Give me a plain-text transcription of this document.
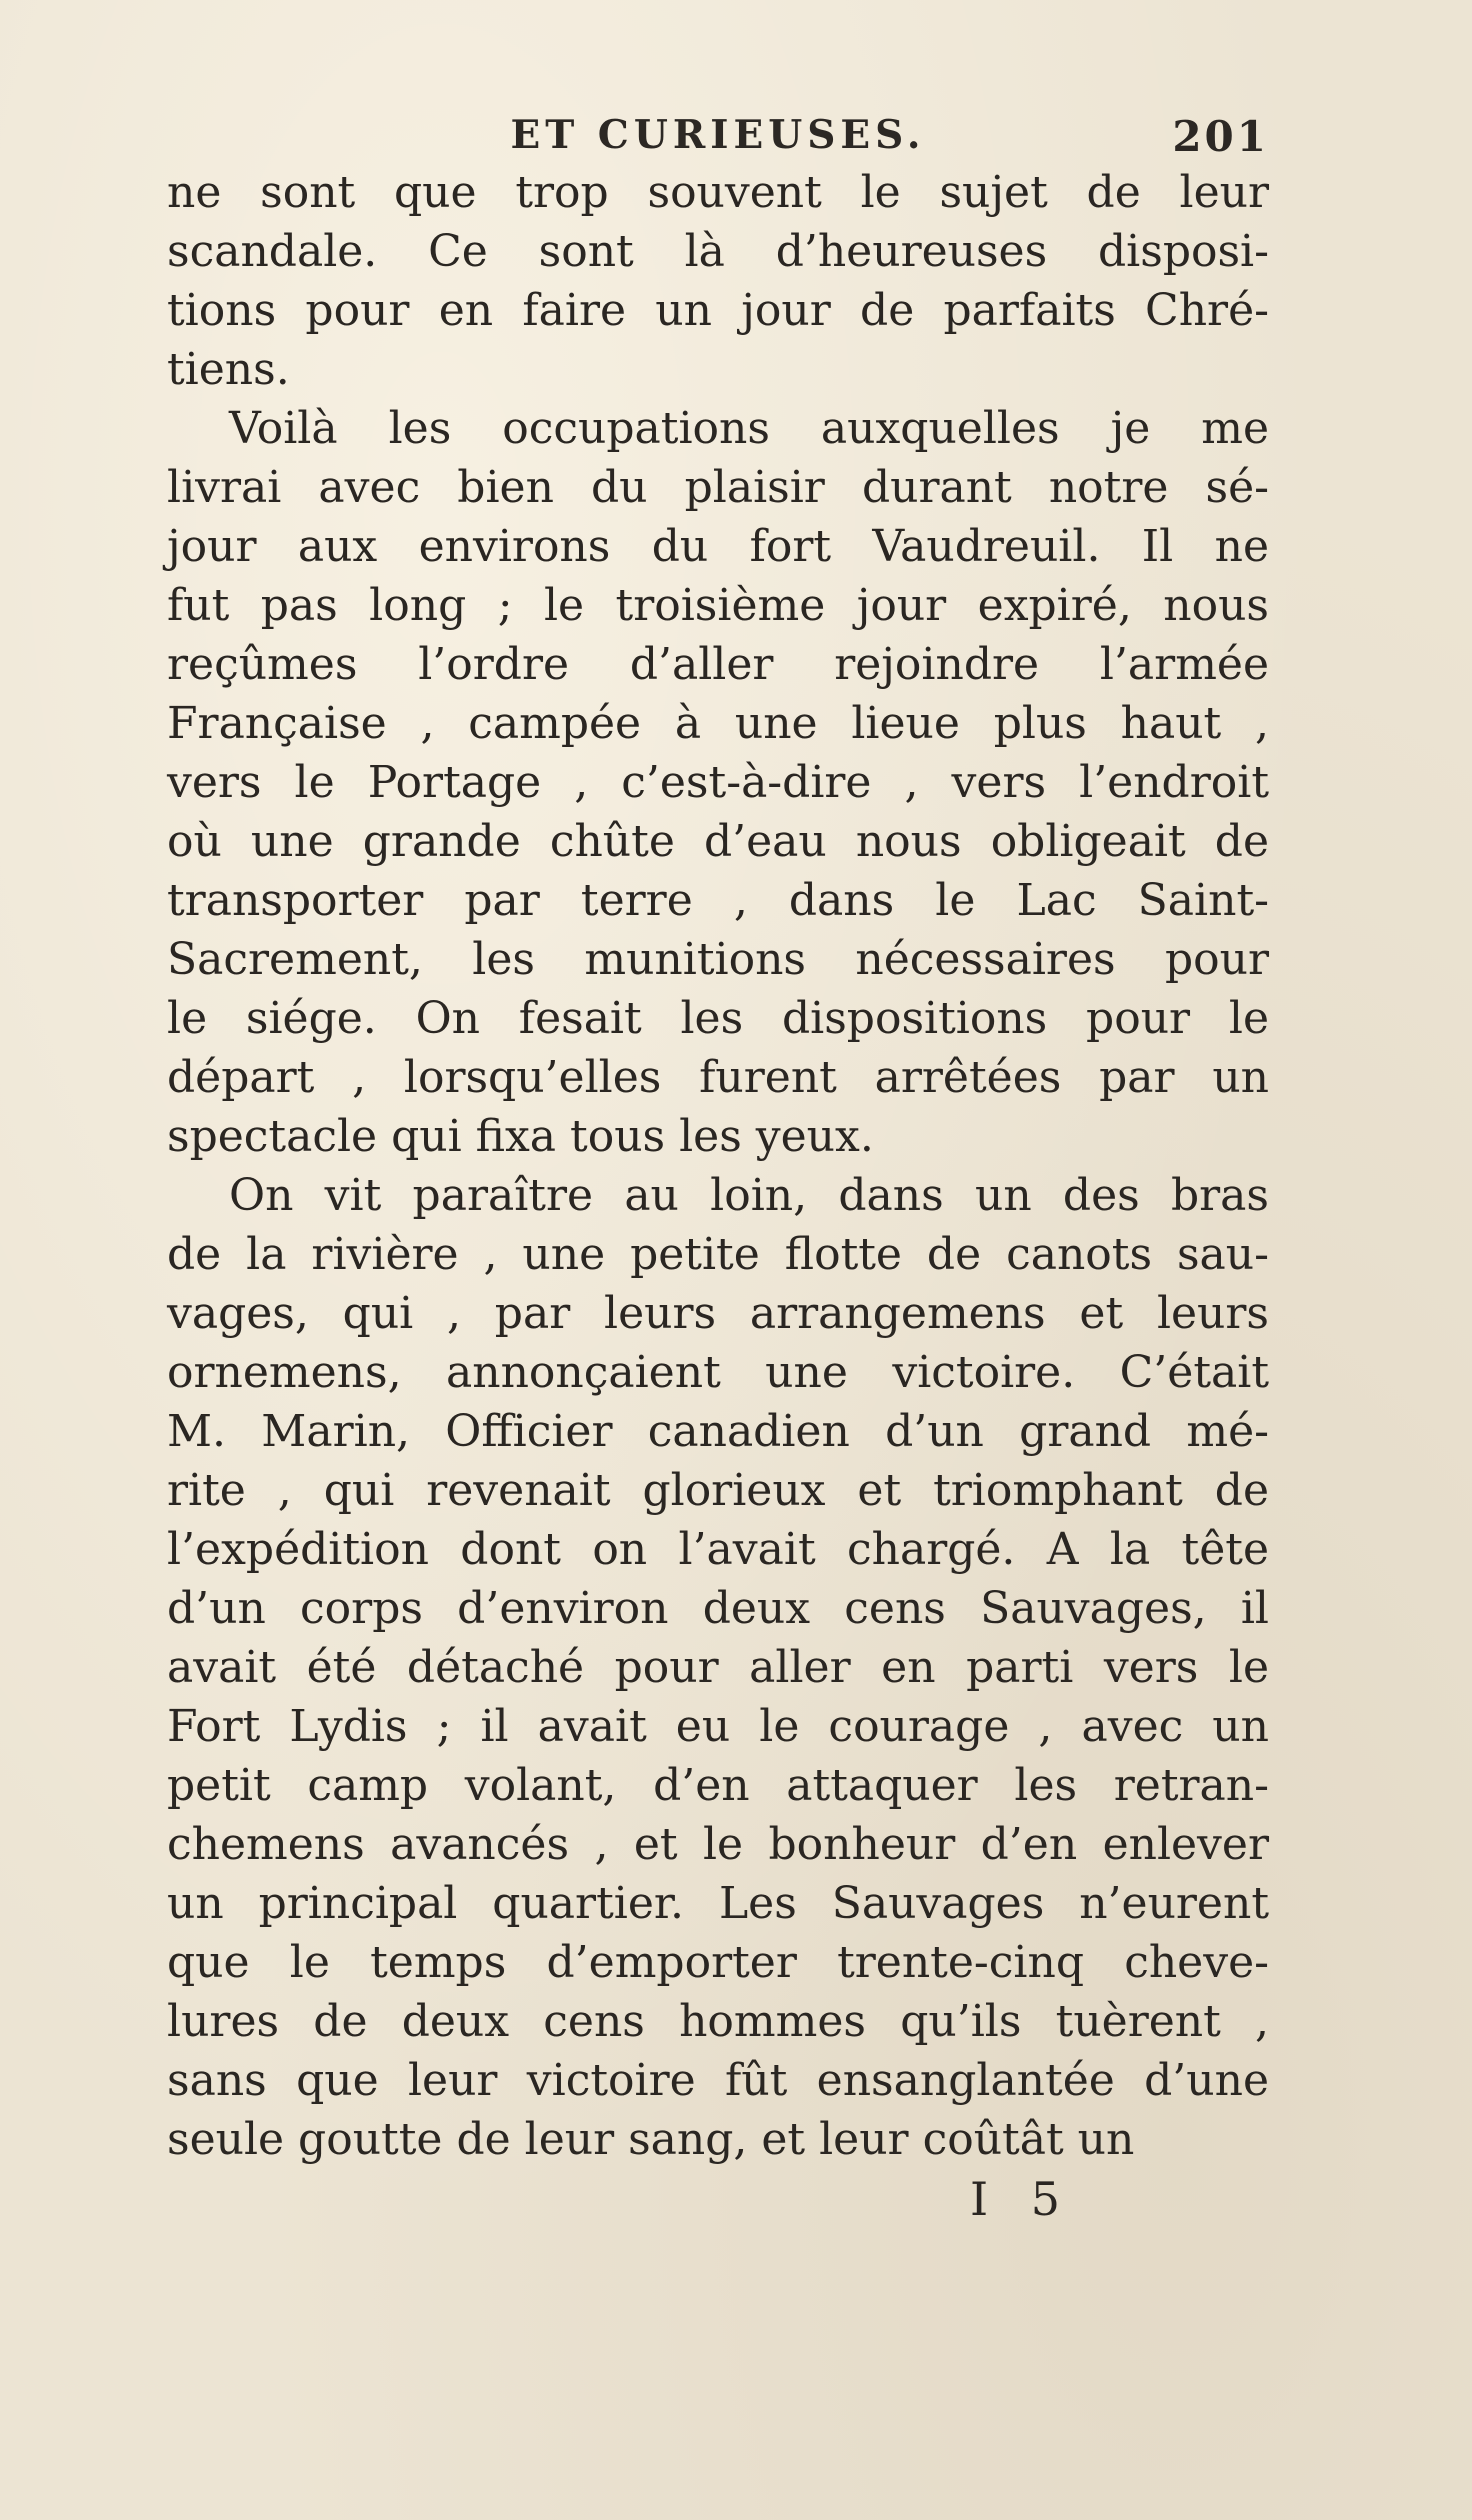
ET CURIEUSES.	201
ne sont que trop souvent le sujet de leur
scandale. Ce sont là d’heureuses disposi-
tions pour en faire un jour de parfaits Chré-
tiens.
Voilà les occupations auxquelles je me
livrai avec bien du plaisir durant notre sé-
jour aux environs du fort Vaudreuil. Il ne
fut pas long ; le troisième jour expiré, nous
reçûmes l’ordre d’aller rejoindre l’armée
Française , campée à une lieue plus haut ,
vers le Portage , c’est-à-dire , vers l’endroit
où une grande chûte d’eau nous obligeait de
transporter par terre , dans le Lac Saint-
Sacrement, les munitions nécessaires pour
le siége. On fesait les dispositions pour le
départ , lorsqu’elles furent arrêtées par un
spectacle qui fixa tous les yeux.
On vit paraître au loin, dans un des bras
de la rivière , une petite flotte de canots sau-
vages, qui , par leurs arrangemens et leurs
ornemens, annonçaient une victoire. C’était
M. Marin, Officier canadien d’un grand mé-
rite , qui revenait glorieux et triomphant de
l’expédition dont on l’avait chargé. A la tête
d’un corps d’environ deux cens Sauvages, il
avait été détaché pour aller en parti vers le
Fort Lydis ; il avait eu le courage , avec un
petit camp volant, d’en attaquer les retran-
chemens avancés , et le bonheur d’en enlever
un principal quartier. Les Sauvages n’eurent
que le temps d’emporter trente-cinq cheve-
lures de deux cens hommes qu’ils tuèrent ,
sans que leur victoire fût ensanglantée d’une
seule goutte de leur sang, et leur coûtât un
I 5
